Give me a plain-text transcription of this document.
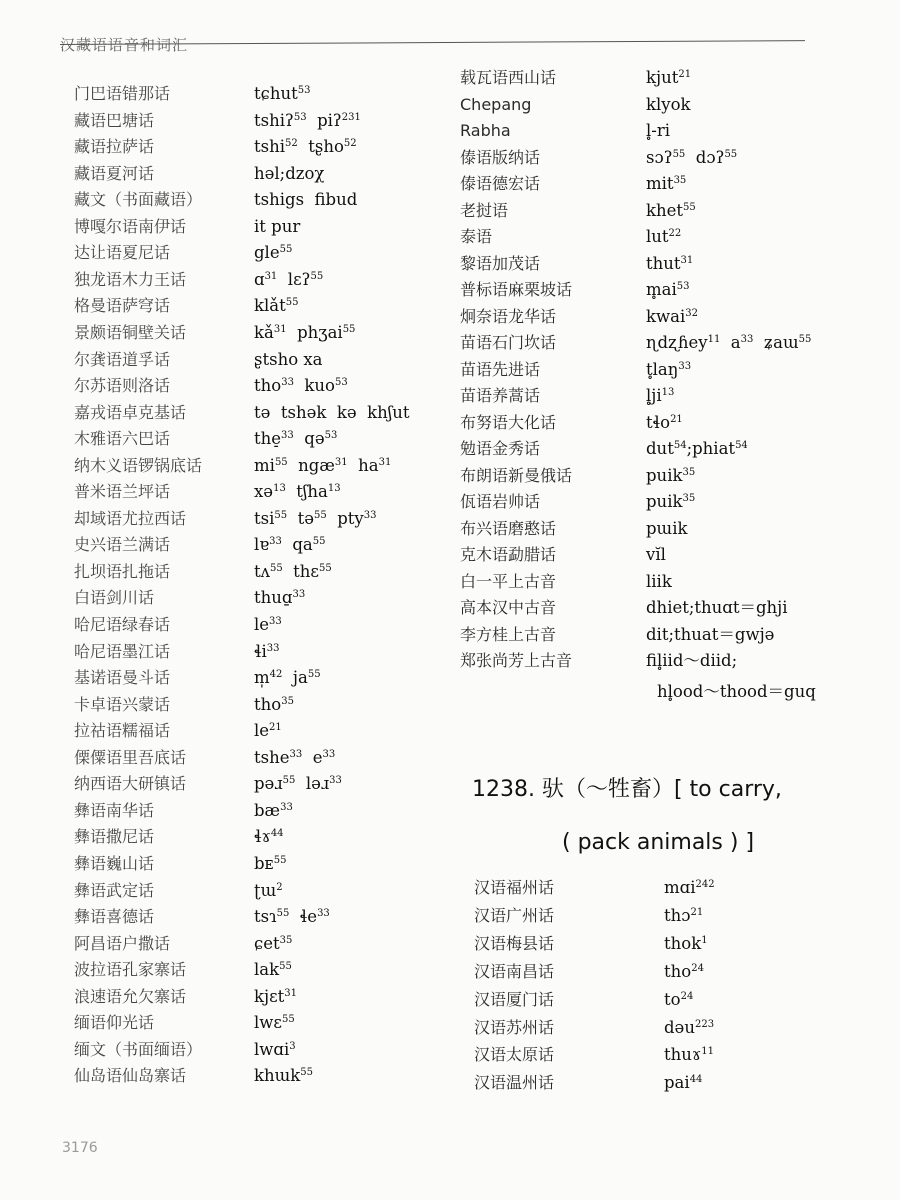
汉藏语语音和词汇
门巴语错那话	tɕhut$^{53}$
藏语巴塘话	tshiʔ$^{53}$  piʔ$^{231}$
藏语拉萨话	tshi$^{52}$  tʂho$^{52}$
藏语夏河话	həl;dzoχ
藏文（书面藏语）	tshigs  fibud
博嘎尔语南伊话	it pur
达让语夏尼话	gle$^{55}$
独龙语木力王话	ɑ$^{31}$  lɛʔ$^{55}$
格曼语萨穹话	klǎt$^{55}$
景颇语铜壁关话	$kǎ^{31}$  phʒai$^{55}$
尔龚语道孚话	ʂtsho xa
尔苏语则洛话	tho$^{33}$  kuo$^{53}$
嘉戎语卓克基话	tə  tshək  kə  khʃut
木雅语六巴话	the̠$^{33}$  qə$^{53}$
纳木义语锣锅底话	$mi^{55}$  ngæ$^{31}$  $ha^{31}$
普米语兰坪话	xə$^{13}$  tʃha$^{13}$
却域语尤拉西话	tsi$^{55}$  tə$^{55}$  pty$^{33}$
史兴语兰满话	lɐ$^{33}$  $qa^{55}$
扎坝语扎拖话	tʌ$^{55}$  thɛ$^{55}$
白语剑川话	thuɑ̱$^{33}$
哈尼语绿春话	$le^{33}$
哈尼语墨江话	ɬi$^{33}$
基诺语曼斗话	m̩$^{42}$  $ja^{55}$
卡卓语兴蒙话	tho$^{35}$
拉祜语糯福话	$le^{21}$
傈僳语里吾底话	tshe$^{33}$  $e^{33}$
纳西语大研镇话	pəɹ$^{55}$  ləɹ$^{33}$
彝语南华话	$bæ^{33}$
彝语撒尼话	ɬɤ$^{44}$
彝语巍山话	bᴇ$^{55}$
彝语武定话	ʈɯ$^2$
彝语喜德话	tsɿ$^{55}$  ɬe$^{33}$
阿昌语户撒话	ɕet$^{35}$
波拉语孔家寨话	lak$^{55}$
浪速语允欠寨话	kjɛt$^{31}$
缅语仰光话	lwɛ$^{55}$
缅文（书面缅语）	lwɑi$^3$
仙岛语仙岛寨话	khɯk$^{55}$
载瓦语西山话	kjut$^{21}$
Chepang	klyok
Rabha	l̥-ri
傣语版纳话	sɔʔ$^{55}$  dɔʔ$^{55}$
傣语德宏话	mit$^{35}$
老挝语	khet$^{55}$
泰语	lut$^{22}$
黎语加茂话	thut$^{31}$
普标语麻栗坡话	$m̥ai^{53}$
炯奈语龙华话	kwai$^{32}$
苗语石门坎话	ɳdʐɦey$^{11}$  $a^{33}$  ʑaɯ$^{55}$
苗语先进话	t̥laŋ$^{33}$
苗语养蒿话	$l̥ji^{13}$
布努语大化话	tɬo$^{21}$
勉语金秀话	dut$^{54}$;phiat$^{54}$
布朗语新曼俄话	puik$^{35}$
佤语岩帅话	puik$^{35}$
布兴语磨憨话	pɯik
克木语勐腊话	vĭl
白一平上古音	liik
高本汉中古音	dhiet;thuɑt＝ghji
李方桂上古音	dit;thuat＝gwjə
郑张尚芳上古音	fil̥iid～diid;
hl̥ood～thood＝guq
1238. 驮（～牲畜）[ to carry,
( pack animals ) ]
汉语福州话	mɑi$^{242}$
汉语广州话	thɔ$^{21}$
汉语梅县话	thok$^1$
汉语南昌话	tho$^{24}$
汉语厦门话	$to^{24}$
汉语苏州话	dəu$^{223}$
汉语太原话	thuɤ$^{11}$
汉语温州话	pai$^{44}$
3176
